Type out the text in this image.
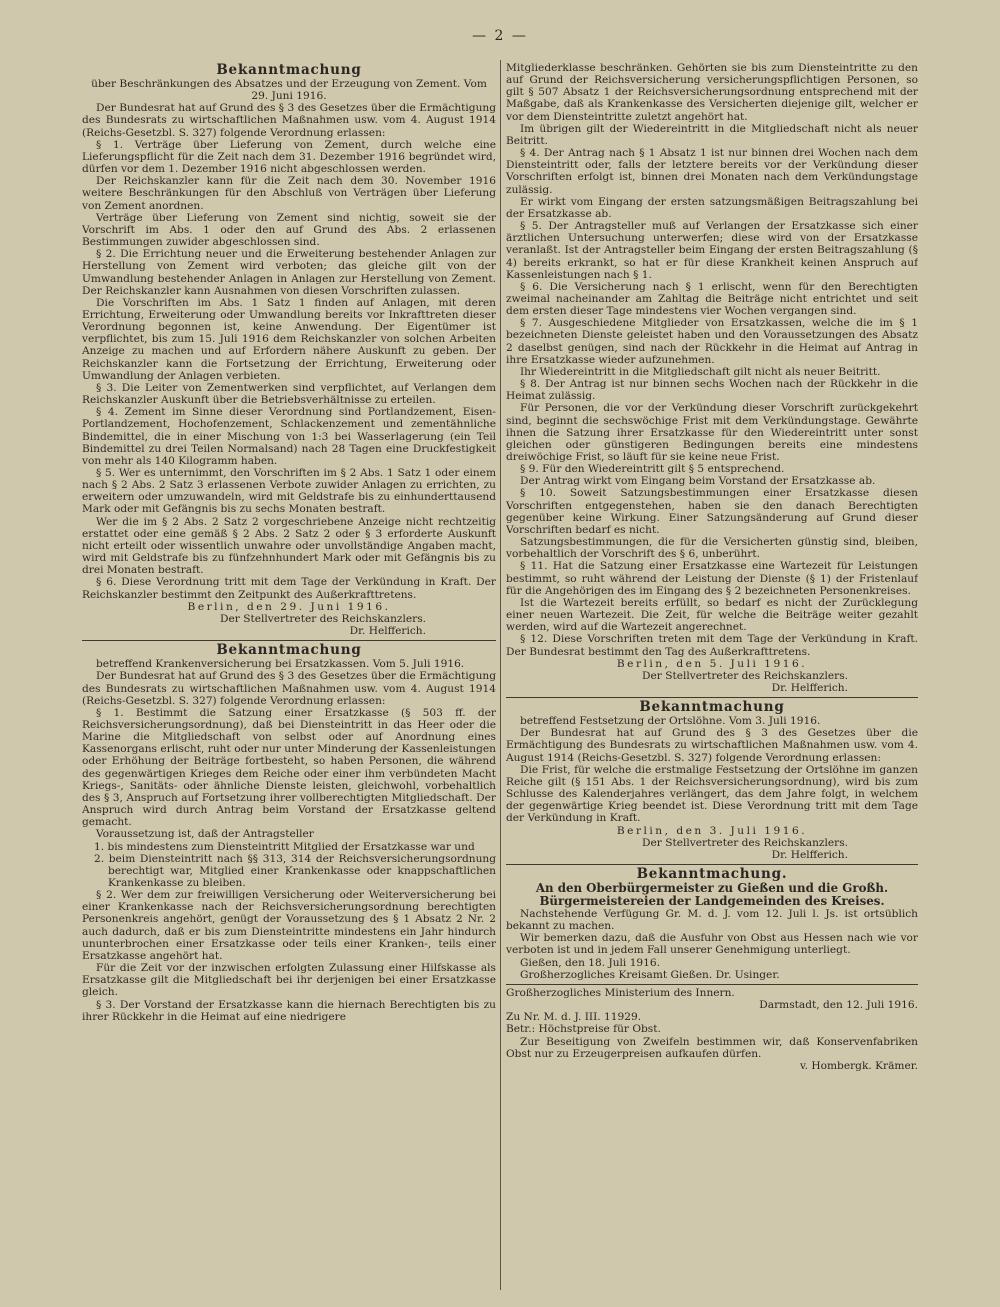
— 2 —
Bekanntmachung

über Beschränkungen des Absatzes und der Erzeugung von Zement. Vom 29. Juni 1916.

Der Bundesrat hat auf Grund des § 3 des Gesetzes über die Ermächtigung des Bundesrats zu wirtschaftlichen Maßnahmen usw. vom 4. August 1914 (Reichs-Gesetzbl. S. 327) folgende Verordnung erlassen:

§ 1. Verträge über Lieferung von Zement, durch welche eine Lieferungspflicht für die Zeit nach dem 31. Dezember 1916 begründet wird, dürfen vor dem 1. Dezember 1916 nicht abgeschlossen werden.

Der Reichskanzler kann für die Zeit nach dem 30. November 1916 weitere Beschränkungen für den Abschluß von Verträgen über Lieferung von Zement anordnen.

Verträge über Lieferung von Zement sind nichtig, soweit sie der Vorschrift im Abs. 1 oder den auf Grund des Abs. 2 erlassenen Bestimmungen zuwider abgeschlossen sind.

§ 2. Die Errichtung neuer und die Erweiterung bestehender Anlagen zur Herstellung von Zement wird verboten; das gleiche gilt von der Umwandlung bestehender Anlagen in Anlagen zur Herstellung von Zement. Der Reichskanzler kann Ausnahmen von diesen Vorschriften zulassen.

Die Vorschriften im Abs. 1 Satz 1 finden auf Anlagen, mit deren Errichtung, Erweiterung oder Umwandlung bereits vor Inkrafttreten dieser Verordnung begonnen ist, keine Anwendung. Der Eigentümer ist verpflichtet, bis zum 15. Juli 1916 dem Reichskanzler von solchen Arbeiten Anzeige zu machen und auf Erfordern nähere Auskunft zu geben. Der Reichskanzler kann die Fortsetzung der Errichtung, Erweiterung oder Umwandlung der Anlagen verbieten.

§ 3. Die Leiter von Zementwerken sind verpflichtet, auf Verlangen dem Reichskanzler Auskunft über die Betriebsverhältnisse zu erteilen.

§ 4. Zement im Sinne dieser Verordnung sind Portlandzement, Eisen-Portlandzement, Hochofenzement, Schlackenzement und zementähnliche Bindemittel, die in einer Mischung von 1:3 bei Wasserlagerung (ein Teil Bindemittel zu drei Teilen Normalsand) nach 28 Tagen eine Druckfestigkeit von mehr als 140 Kilogramm haben.

§ 5. Wer es unternimmt, den Vorschriften im § 2 Abs. 1 Satz 1 oder einem nach § 2 Abs. 2 Satz 3 erlassenen Verbote zuwider Anlagen zu errichten, zu erweitern oder umzuwandeln, wird mit Geldstrafe bis zu einhunderttausend Mark oder mit Gefängnis bis zu sechs Monaten bestraft.

Wer die im § 2 Abs. 2 Satz 2 vorgeschriebene Anzeige nicht rechtzeitig erstattet oder eine gemäß § 2 Abs. 2 Satz 2 oder § 3 erforderte Auskunft nicht erteilt oder wissentlich unwahre oder unvollständige Angaben macht, wird mit Geldstrafe bis zu fünfzehnhundert Mark oder mit Gefängnis bis zu drei Monaten bestraft.

§ 6. Diese Verordnung tritt mit dem Tage der Verkündung in Kraft. Der Reichskanzler bestimmt den Zeitpunkt des Außerkrafttretens.

Berlin, den 29. Juni 1916.

Der Stellvertreter des Reichskanzlers.

Dr. Helfferich.

Bekanntmachung

betreffend Krankenversicherung bei Ersatzkassen. Vom 5. Juli 1916.

Der Bundesrat hat auf Grund des § 3 des Gesetzes über die Ermächtigung des Bundesrats zu wirtschaftlichen Maßnahmen usw. vom 4. August 1914 (Reichs-Gesetzbl. S. 327) folgende Verordnung erlassen:

§ 1. Bestimmt die Satzung einer Ersatzkasse (§ 503 ff. der Reichsversicherungsordnung), daß bei Diensteintritt in das Heer oder die Marine die Mitgliedschaft von selbst oder auf Anordnung eines Kassenorgans erlischt, ruht oder nur unter Minderung der Kassenleistungen oder Erhöhung der Beiträge fortbesteht, so haben Personen, die während des gegenwärtigen Krieges dem Reiche oder einer ihm verbündeten Macht Kriegs-, Sanitäts- oder ähnliche Dienste leisten, gleichwohl, vorbehaltlich des § 3, Anspruch auf Fortsetzung ihrer vollberechtigten Mitgliedschaft. Der Anspruch wird durch Antrag beim Vorstand der Ersatzkasse geltend gemacht.

Voraussetzung ist, daß der Antragsteller

1. bis mindestens zum Diensteintritt Mitglied der Ersatzkasse war und

2. beim Diensteintritt nach §§ 313, 314 der Reichsversicherungsordnung berechtigt war, Mitglied einer Krankenkasse oder knappschaftlichen Krankenkasse zu bleiben.

§ 2. Wer dem zur freiwilligen Versicherung oder Weiterversicherung bei einer Krankenkasse nach der Reichsversicherungsordnung berechtigten Personenkreis angehört, genügt der Voraussetzung des § 1 Absatz 2 Nr. 2 auch dadurch, daß er bis zum Diensteintritte mindestens ein Jahr hindurch ununterbrochen einer Ersatzkasse oder teils einer Kranken-, teils einer Ersatzkasse angehört hat.

Für die Zeit vor der inzwischen erfolgten Zulassung einer Hilfskasse als Ersatzkasse gilt die Mitgliedschaft bei ihr derjenigen bei einer Ersatzkasse gleich.

§ 3. Der Vorstand der Ersatzkasse kann die hiernach Berechtigten bis zu ihrer Rückkehr in die Heimat auf eine niedrigere

Mitgliederklasse beschränken. Gehörten sie bis zum Diensteintritte zu den auf Grund der Reichsversicherung versicherungspflichtigen Personen, so gilt § 507 Absatz 1 der Reichsversicherungsordnung entsprechend mit der Maßgabe, daß als Krankenkasse des Versicherten diejenige gilt, welcher er vor dem Diensteintritte zuletzt angehört hat.

Im übrigen gilt der Wiedereintritt in die Mitgliedschaft nicht als neuer Beitritt.

§ 4. Der Antrag nach § 1 Absatz 1 ist nur binnen drei Wochen nach dem Diensteintritt oder, falls der letztere bereits vor der Verkündung dieser Vorschriften erfolgt ist, binnen drei Monaten nach dem Verkündungstage zulässig.

Er wirkt vom Eingang der ersten satzungsmäßigen Beitragszahlung bei der Ersatzkasse ab.

§ 5. Der Antragsteller muß auf Verlangen der Ersatzkasse sich einer ärztlichen Untersuchung unterwerfen; diese wird von der Ersatzkasse veranlaßt. Ist der Antragsteller beim Eingang der ersten Beitragszahlung (§ 4) bereits erkrankt, so hat er für diese Krankheit keinen Anspruch auf Kassenleistungen nach § 1.

§ 6. Die Versicherung nach § 1 erlischt, wenn für den Berechtigten zweimal nacheinander am Zahltag die Beiträge nicht entrichtet und seit dem ersten dieser Tage mindestens vier Wochen vergangen sind.

§ 7. Ausgeschiedene Mitglieder von Ersatzkassen, welche die im § 1 bezeichneten Dienste geleistet haben und den Voraussetzungen des Absatz 2 daselbst genügen, sind nach der Rückkehr in die Heimat auf Antrag in ihre Ersatzkasse wieder aufzunehmen.

Ihr Wiedereintritt in die Mitgliedschaft gilt nicht als neuer Beitritt.

§ 8. Der Antrag ist nur binnen sechs Wochen nach der Rückkehr in die Heimat zulässig.

Für Personen, die vor der Verkündung dieser Vorschrift zurückgekehrt sind, beginnt die sechswöchige Frist mit dem Verkündungstage. Gewährte ihnen die Satzung ihrer Ersatzkasse für den Wiedereintritt unter sonst gleichen oder günstigeren Bedingungen bereits eine mindestens dreiwöchige Frist, so läuft für sie keine neue Frist.

§ 9. Für den Wiedereintritt gilt § 5 entsprechend.

Der Antrag wirkt vom Eingang beim Vorstand der Ersatzkasse ab.

§ 10. Soweit Satzungsbestimmungen einer Ersatzkasse diesen Vorschriften entgegenstehen, haben sie den danach Berechtigten gegenüber keine Wirkung. Einer Satzungsänderung auf Grund dieser Vorschriften bedarf es nicht.

Satzungsbestimmungen, die für die Versicherten günstig sind, bleiben, vorbehaltlich der Vorschrift des § 6, unberührt.

§ 11. Hat die Satzung einer Ersatzkasse eine Wartezeit für Leistungen bestimmt, so ruht während der Leistung der Dienste (§ 1) der Fristenlauf für die Angehörigen des im Eingang des § 2 bezeichneten Personenkreises.

Ist die Wartezeit bereits erfüllt, so bedarf es nicht der Zurücklegung einer neuen Wartezeit. Die Zeit, für welche die Beiträge weiter gezahlt werden, wird auf die Wartezeit angerechnet.

§ 12. Diese Vorschriften treten mit dem Tage der Verkündung in Kraft. Der Bundesrat bestimmt den Tag des Außerkrafttretens.

Berlin, den 5. Juli 1916.

Der Stellvertreter des Reichskanzlers.

Dr. Helfferich.

Bekanntmachung

betreffend Festsetzung der Ortslöhne. Vom 3. Juli 1916.

Der Bundesrat hat auf Grund des § 3 des Gesetzes über die Ermächtigung des Bundesrats zu wirtschaftlichen Maßnahmen usw. vom 4. August 1914 (Reichs-Gesetzbl. S. 327) folgende Verordnung erlassen:

Die Frist, für welche die erstmalige Festsetzung der Ortslöhne im ganzen Reiche gilt (§ 151 Abs. 1 der Reichsversicherungsordnung), wird bis zum Schlusse des Kalenderjahres verlängert, das dem Jahre folgt, in welchem der gegenwärtige Krieg beendet ist. Diese Verordnung tritt mit dem Tage der Verkündung in Kraft.

Berlin, den 3. Juli 1916.

Der Stellvertreter des Reichskanzlers.

Dr. Helfferich.

Bekanntmachung.
An den Oberbürgermeister zu Gießen und die Großh. Bürgermeistereien der Landgemeinden des Kreises.

Nachstehende Verfügung Gr. M. d. J. vom 12. Juli l. Js. ist ortsüblich bekannt zu machen.

Wir bemerken dazu, daß die Ausfuhr von Obst aus Hessen nach wie vor verboten ist und in jedem Fall unserer Genehmigung unterliegt.

Gießen, den 18. Juli 1916.

Großherzogliches Kreisamt Gießen. Dr. Usinger.

Großherzogliches Ministerium des Innern.

Darmstadt, den 12. Juli 1916.

Zu Nr. M. d. J. III. 11929.

Betr.: Höchstpreise für Obst.

Zur Beseitigung von Zweifeln bestimmen wir, daß Konservenfabriken Obst nur zu Erzeugerpreisen aufkaufen dürfen.

v. Hombergk. Krämer.
